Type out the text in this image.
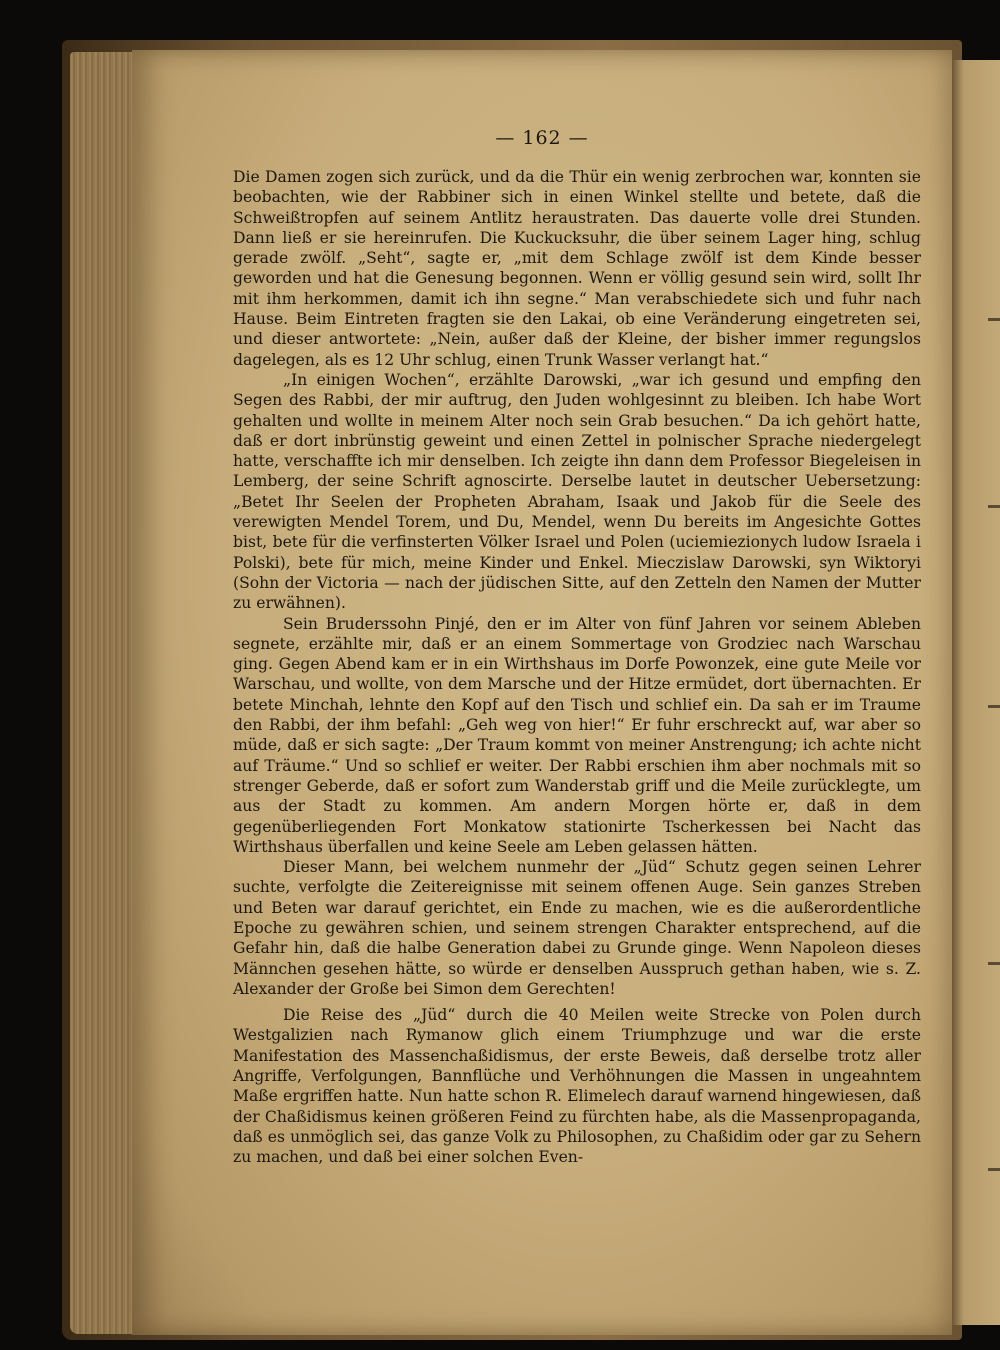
— 162 —

Die Damen zogen sich zurück, und da die Thür ein wenig zerbrochen war, konnten sie beobachten, wie der Rabbiner sich in einen Winkel stellte und betete, daß die Schweißtropfen auf seinem Antlitz heraustraten. Das dauerte volle drei Stunden. Dann ließ er sie hereinrufen. Die Kuckucksuhr, die über seinem Lager hing, schlug gerade zwölf. „Seht“, sagte er, „mit dem Schlage zwölf ist dem Kinde besser geworden und hat die Genesung begonnen. Wenn er völlig gesund sein wird, sollt Ihr mit ihm herkommen, damit ich ihn segne.“ Man verabschiedete sich und fuhr nach Hause. Beim Eintreten fragten sie den Lakai, ob eine Veränderung eingetreten sei, und dieser antwortete: „Nein, außer daß der Kleine, der bisher immer regungslos dagelegen, als es 12 Uhr schlug, einen Trunk Wasser verlangt hat.“

„In einigen Wochen“, erzählte Darowski, „war ich gesund und empfing den Segen des Rabbi, der mir auftrug, den Juden wohlgesinnt zu bleiben. Ich habe Wort gehalten und wollte in meinem Alter noch sein Grab besuchen.“ Da ich gehört hatte, daß er dort inbrünstig geweint und einen Zettel in polnischer Sprache niedergelegt hatte, verschaffte ich mir denselben. Ich zeigte ihn dann dem Professor Biegeleisen in Lemberg, der seine Schrift agnoscirte. Derselbe lautet in deutscher Uebersetzung: „Betet Ihr Seelen der Propheten Abraham, Isaak und Jakob für die Seele des verewigten Mendel Torem, und Du, Mendel, wenn Du bereits im Angesichte Gottes bist, bete für die verfinsterten Völker Israel und Polen (uciemiezionych ludow Israela i Polski), bete für mich, meine Kinder und Enkel. Mieczislaw Darowski, syn Wiktoryi (Sohn der Victoria — nach der jüdischen Sitte, auf den Zetteln den Namen der Mutter zu erwähnen).

Sein Bruderssohn Pinjé, den er im Alter von fünf Jahren vor seinem Ableben segnete, erzählte mir, daß er an einem Sommertage von Grodziec nach Warschau ging. Gegen Abend kam er in ein Wirthshaus im Dorfe Powonzek, eine gute Meile vor Warschau, und wollte, von dem Marsche und der Hitze ermüdet, dort übernachten. Er betete Minchah, lehnte den Kopf auf den Tisch und schlief ein. Da sah er im Traume den Rabbi, der ihm befahl: „Geh weg von hier!“ Er fuhr erschreckt auf, war aber so müde, daß er sich sagte: „Der Traum kommt von meiner Anstrengung; ich achte nicht auf Träume.“ Und so schlief er weiter. Der Rabbi erschien ihm aber nochmals mit so strenger Geberde, daß er sofort zum Wanderstab griff und die Meile zurücklegte, um aus der Stadt zu kommen. Am andern Morgen hörte er, daß in dem gegenüberliegenden Fort Monkatow stationirte Tscherkessen bei Nacht das Wirthshaus überfallen und keine Seele am Leben gelassen hätten.

Dieser Mann, bei welchem nunmehr der „Jüd“ Schutz gegen seinen Lehrer suchte, verfolgte die Zeitereignisse mit seinem offenen Auge. Sein ganzes Streben und Beten war darauf gerichtet, ein Ende zu machen, wie es die außerordentliche Epoche zu gewähren schien, und seinem strengen Charakter entsprechend, auf die Gefahr hin, daß die halbe Generation dabei zu Grunde ginge. Wenn Napoleon dieses Männchen gesehen hätte, so würde er denselben Ausspruch gethan haben, wie s. Z. Alexander der Große bei Simon dem Gerechten!

Die Reise des „Jüd“ durch die 40 Meilen weite Strecke von Polen durch Westgalizien nach Rymanow glich einem Triumphzuge und war die erste Manifestation des Massenchaßidismus, der erste Beweis, daß derselbe trotz aller Angriffe, Verfolgungen, Bannflüche und Verhöhnungen die Massen in ungeahntem Maße ergriffen hatte. Nun hatte schon R. Elimelech darauf warnend hingewiesen, daß der Chaßidismus keinen größeren Feind zu fürchten habe, als die Massenpropaganda, daß es unmöglich sei, das ganze Volk zu Philosophen, zu Chaßidim oder gar zu Sehern zu machen, und daß bei einer solchen Even-
